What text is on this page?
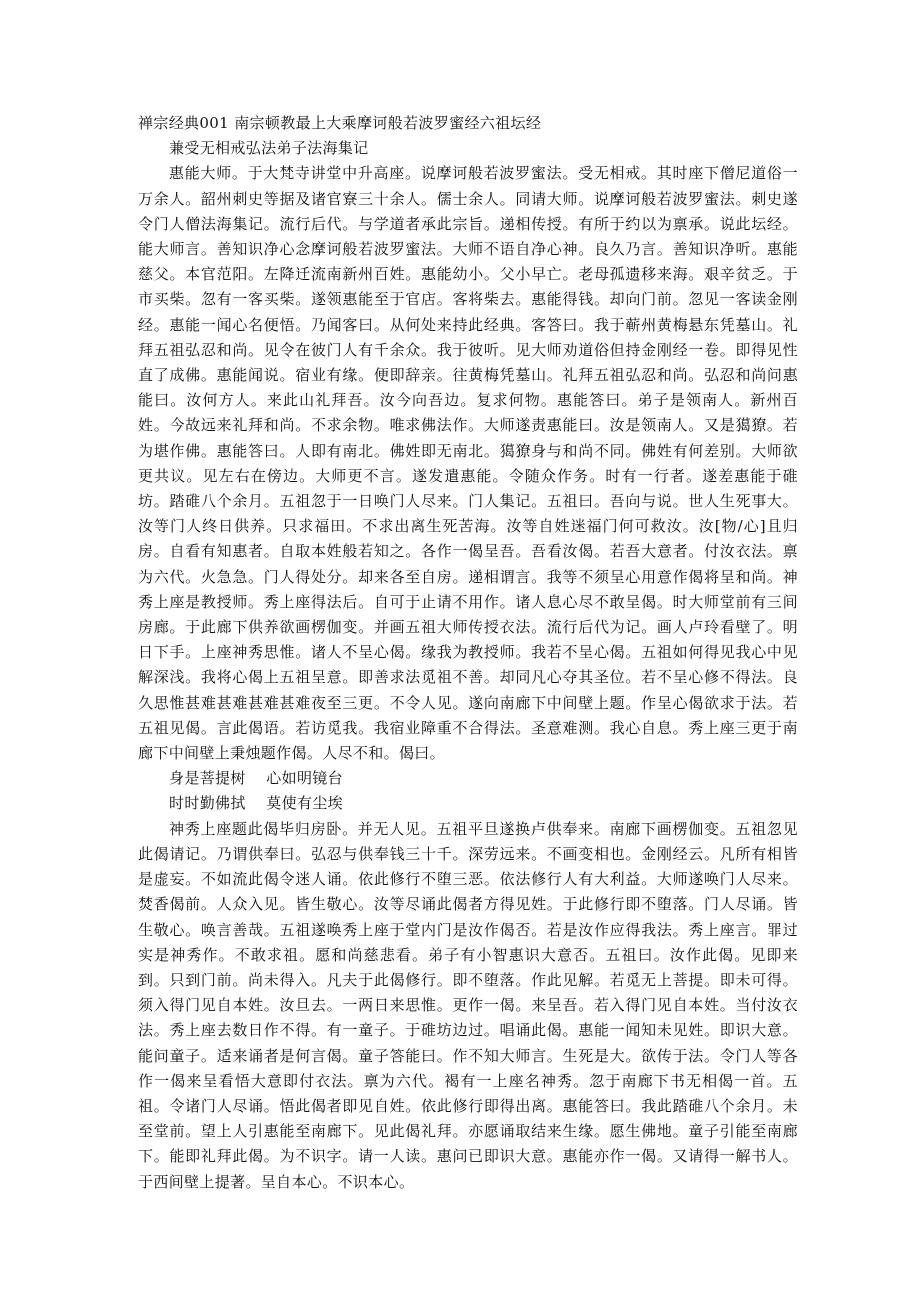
禅宗经典001 南宗顿教最上大乘摩诃般若波罗蜜经六祖坛经

兼受无相戒弘法弟子法海集记

惠能大师。于大梵寺讲堂中升高座。说摩诃般若波罗蜜法。受无相戒。其时座下僧尼道俗一万余人。韶州刺史等据及诸官寮三十余人。儒士余人。同请大师。说摩诃般若波罗蜜法。刺史遂令门人僧法海集记。流行后代。与学道者承此宗旨。递相传授。有所于约以为禀承。说此坛经。能大师言。善知识净心念摩诃般若波罗蜜法。大师不语自净心神。良久乃言。善知识净听。惠能慈父。本官范阳。左降迁流南新州百姓。惠能幼小。父小早亡。老母孤遗移来海。艰辛贫乏。于市买柴。忽有一客买柴。遂领惠能至于官店。客将柴去。惠能得钱。却向门前。忽见一客读金刚经。惠能一闻心名便悟。乃闻客曰。从何处来持此经典。客答曰。我于蕲州黄梅悬东凭墓山。礼拜五祖弘忍和尚。见令在彼门人有千余众。我于彼听。见大师劝道俗但持金刚经一卷。即得见性直了成佛。惠能闻说。宿业有缘。便即辞亲。往黄梅凭墓山。礼拜五祖弘忍和尚。弘忍和尚问惠能曰。汝何方人。来此山礼拜吾。汝今向吾边。复求何物。惠能答曰。弟子是领南人。新州百姓。今故远来礼拜和尚。不求余物。唯求佛法作。大师遂责惠能曰。汝是领南人。又是獦獠。若为堪作佛。惠能答曰。人即有南北。佛姓即无南北。獦獠身与和尚不同。佛姓有何差别。大师欲更共议。见左右在傍边。大师更不言。遂发遣惠能。令随众作务。时有一行者。遂差惠能于碓坊。踏碓八个余月。五祖忽于一日唤门人尽来。门人集记。五祖曰。吾向与说。世人生死事大。汝等门人终日供养。只求福田。不求出离生死苦海。汝等自姓迷福门何可救汝。汝[物/心]且归房。自看有知惠者。自取本姓般若知之。各作一偈呈吾。吾看汝偈。若吾大意者。付汝衣法。禀为六代。火急急。门人得处分。却来各至自房。递相谓言。我等不须呈心用意作偈将呈和尚。神秀上座是教授师。秀上座得法后。自可于止请不用作。诸人息心尽不敢呈偈。时大师堂前有三间房廊。于此廊下供养欲画楞伽变。并画五祖大师传授衣法。流行后代为记。画人卢玲看壁了。明日下手。上座神秀思惟。诸人不呈心偈。缘我为教授师。我若不呈心偈。五祖如何得见我心中见解深浅。我将心偈上五祖呈意。即善求法觅祖不善。却同凡心夺其圣位。若不呈心修不得法。良久思惟甚难甚难甚难甚难夜至三更。不令人见。遂向南廊下中间壁上题。作呈心偈欲求于法。若五祖见偈。言此偈语。若访觅我。我宿业障重不合得法。圣意难测。我心自息。秀上座三更于南廊下中间壁上秉烛题作偈。人尽不和。偈曰。

身是菩提树 心如明镜台

时时勤佛拭 莫使有尘埃

神秀上座题此偈毕归房卧。并无人见。五祖平旦遂换卢供奉来。南廊下画楞伽变。五祖忽见此偈请记。乃谓供奉曰。弘忍与供奉钱三十千。深劳远来。不画变相也。金刚经云。凡所有相皆是虚妄。不如流此偈令迷人诵。依此修行不堕三恶。依法修行人有大利益。大师遂唤门人尽来。焚香偈前。人众入见。皆生敬心。汝等尽诵此偈者方得见姓。于此修行即不堕落。门人尽诵。皆生敬心。唤言善哉。五祖遂唤秀上座于堂内门是汝作偈否。若是汝作应得我法。秀上座言。罪过实是神秀作。不敢求祖。愿和尚慈悲看。弟子有小智惠识大意否。五祖曰。汝作此偈。见即来到。只到门前。尚未得入。凡夫于此偈修行。即不堕落。作此见解。若觅无上菩提。即未可得。须入得门见自本姓。汝旦去。一两日来思惟。更作一偈。来呈吾。若入得门见自本姓。当付汝衣法。秀上座去数日作不得。有一童子。于碓坊边过。唱诵此偈。惠能一闻知未见姓。即识大意。能问童子。适来诵者是何言偈。童子答能曰。作不知大师言。生死是大。欲传于法。令门人等各作一偈来呈看悟大意即付衣法。禀为六代。褐有一上座名神秀。忽于南廊下书无相偈一首。五祖。令诸门人尽诵。悟此偈者即见自姓。依此修行即得出离。惠能答曰。我此踏碓八个余月。未至堂前。望上人引惠能至南廊下。见此偈礼拜。亦愿诵取结来生缘。愿生佛地。童子引能至南廊下。能即礼拜此偈。为不识字。请一人读。惠问已即识大意。惠能亦作一偈。又请得一解书人。于西间壁上提著。呈自本心。不识本心。
